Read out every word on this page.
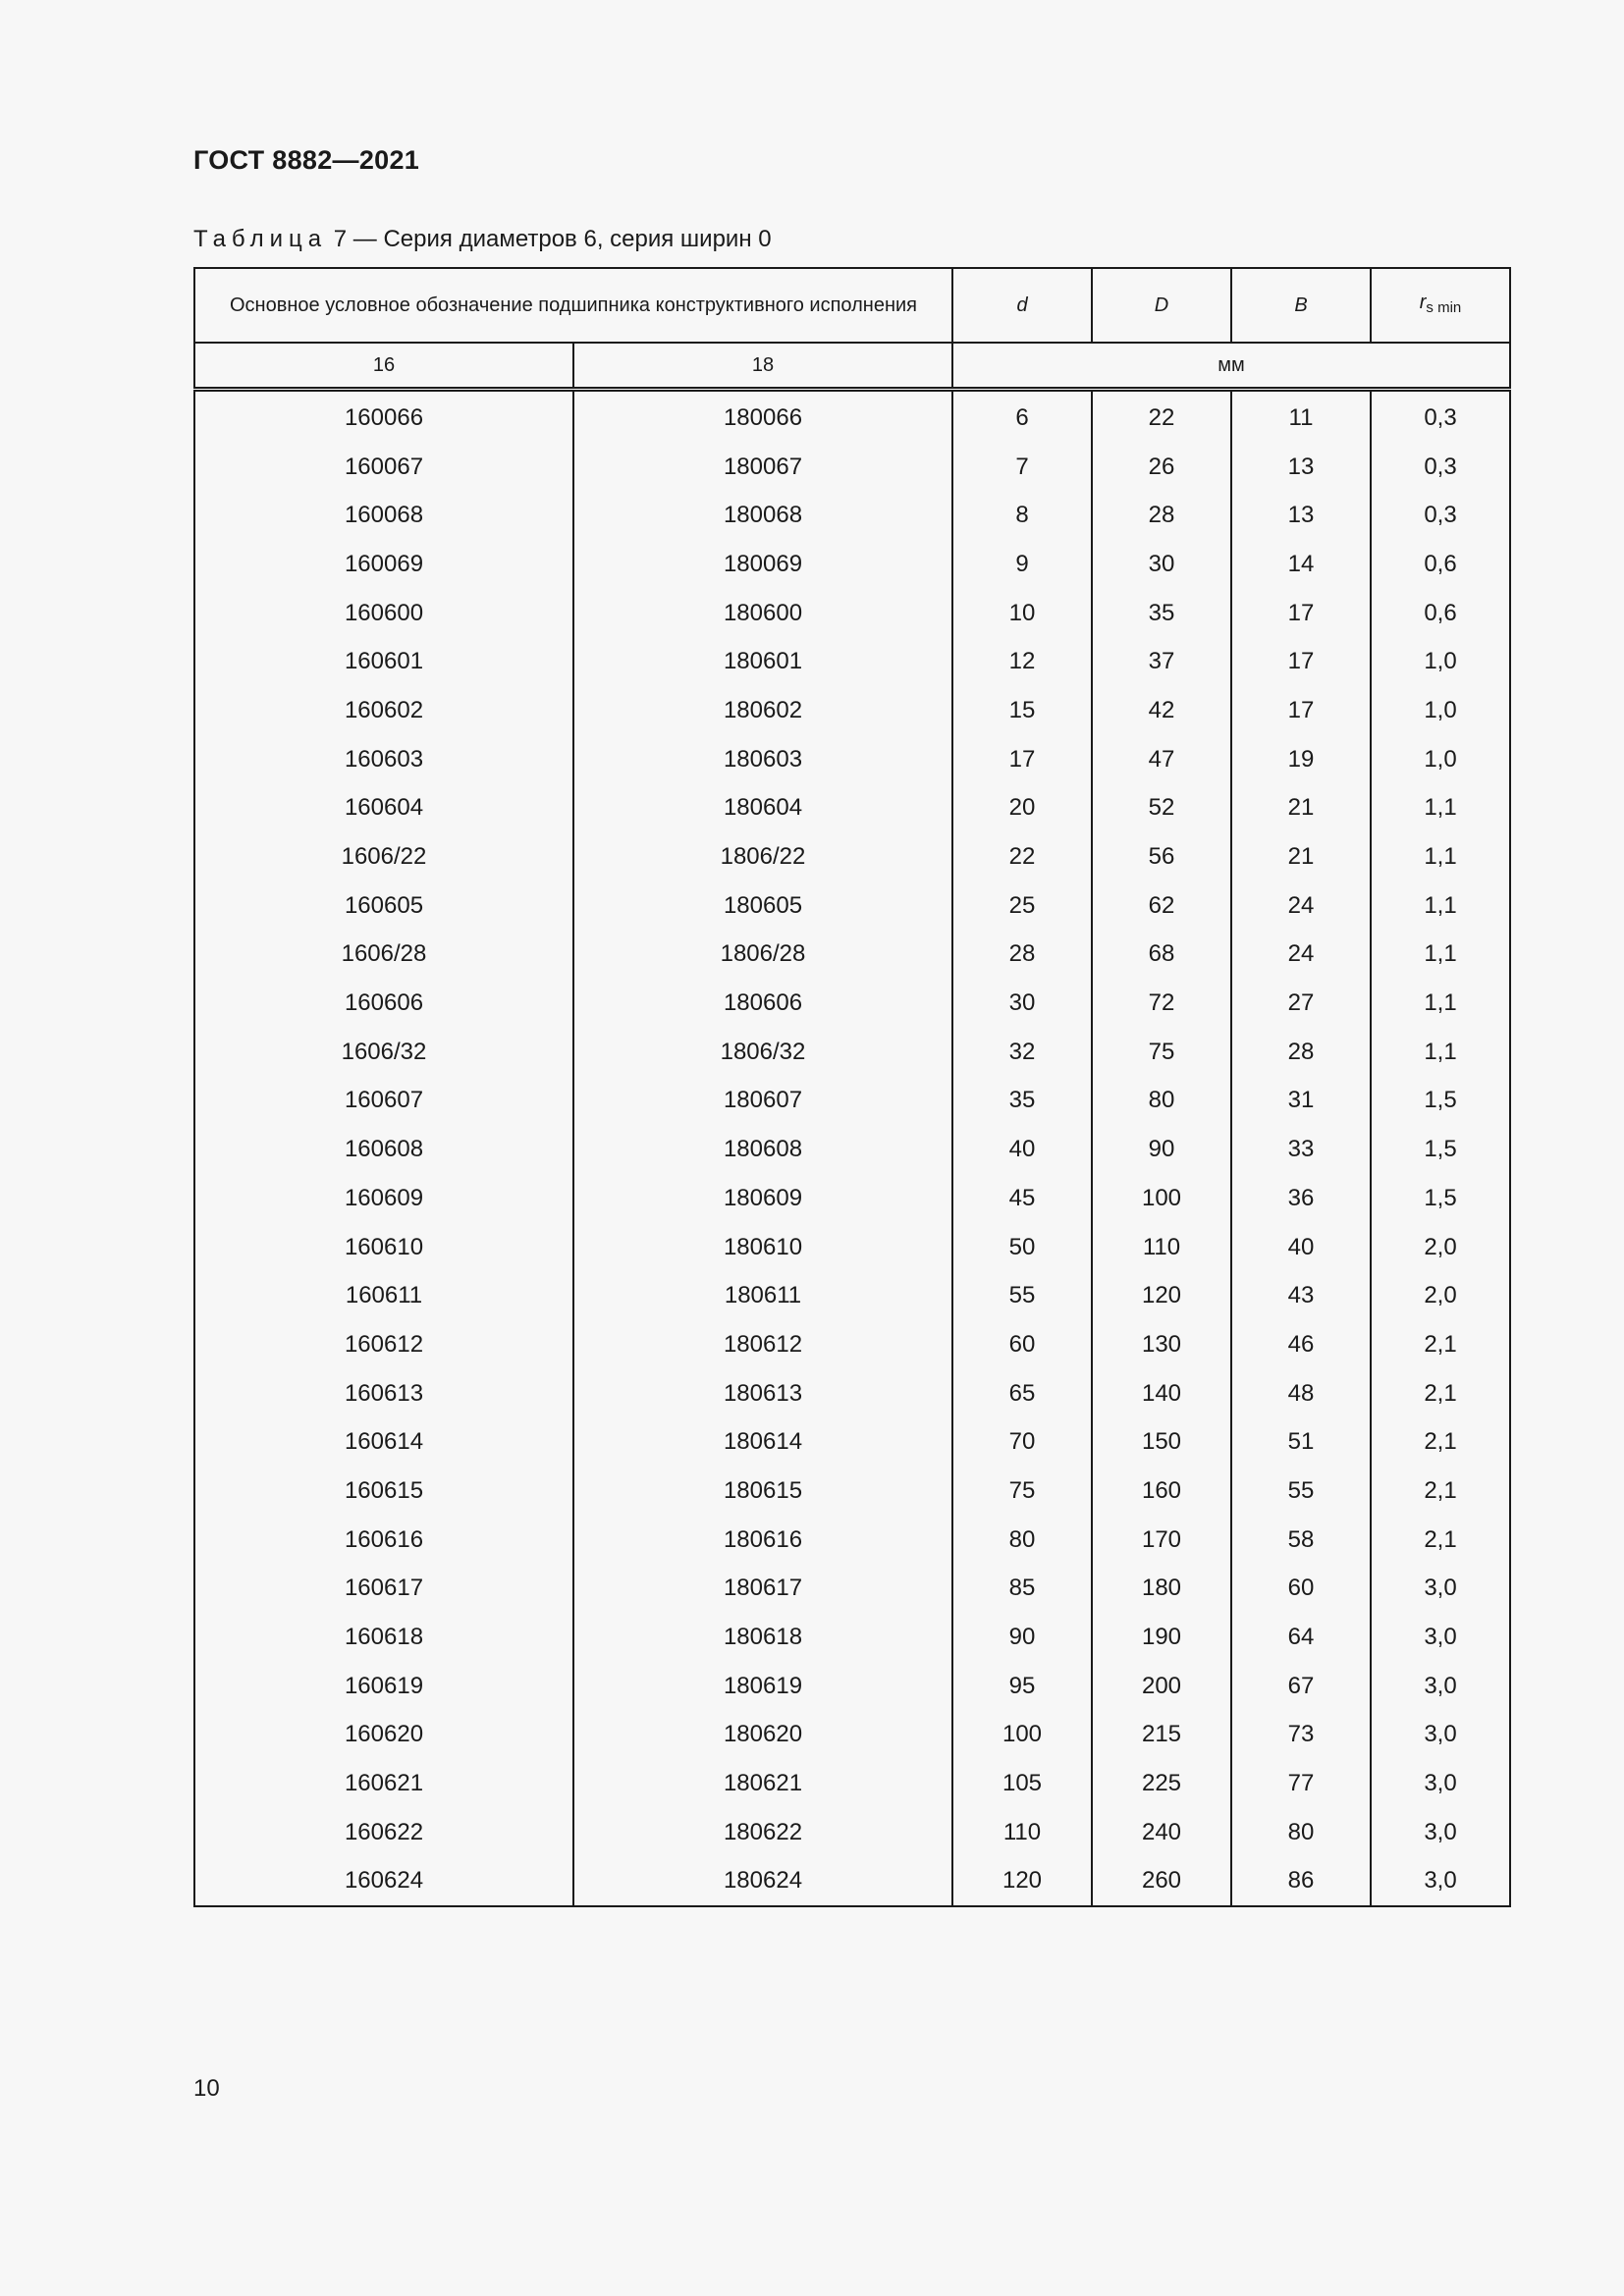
ГОСТ 8882—2021
Таблица 7 — Серия диаметров 6, серия ширин 0
Основное условное обозначение подшипника конструктивного исполнения		d	D	B	$r_{s min}$
16	18	мм			
160066	180066	6	22	11	0,3
160067	180067	7	26	13	0,3
160068	180068	8	28	13	0,3
160069	180069	9	30	14	0,6
160600	180600	10	35	17	0,6
160601	180601	12	37	17	1,0
160602	180602	15	42	17	1,0
160603	180603	17	47	19	1,0
160604	180604	20	52	21	1,1
1606/22	1806/22	22	56	21	1,1
160605	180605	25	62	24	1,1
1606/28	1806/28	28	68	24	1,1
160606	180606	30	72	27	1,1
1606/32	1806/32	32	75	28	1,1
160607	180607	35	80	31	1,5
160608	180608	40	90	33	1,5
160609	180609	45	100	36	1,5
160610	180610	50	110	40	2,0
160611	180611	55	120	43	2,0
160612	180612	60	130	46	2,1
160613	180613	65	140	48	2,1
160614	180614	70	150	51	2,1
160615	180615	75	160	55	2,1
160616	180616	80	170	58	2,1
160617	180617	85	180	60	3,0
160618	180618	90	190	64	3,0
160619	180619	95	200	67	3,0
160620	180620	100	215	73	3,0
160621	180621	105	225	77	3,0
160622	180622	110	240	80	3,0
160624	180624	120	260	86	3,0
10
